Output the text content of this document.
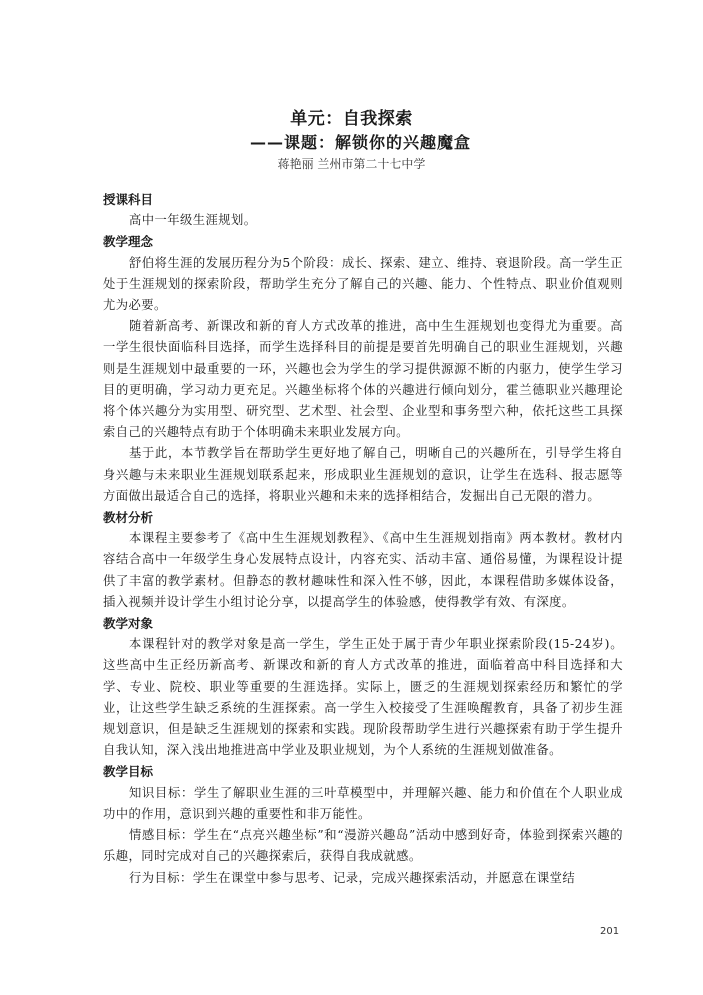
单元：自我探索
——课题：解锁你的兴趣魔盒
蒋艳丽 兰州市第二十七中学

授课科目

高中一年级生涯规划。

教学理念

舒伯将生涯的发展历程分为5个阶段：成长、探索、建立、维持、衰退阶段。高一学生正处于生涯规划的探索阶段，帮助学生充分了解自己的兴趣、能力、个性特点、职业价值观则尤为必要。

随着新高考、新课改和新的育人方式改革的推进，高中生生涯规划也变得尤为重要。高一学生很快面临科目选择，而学生选择科目的前提是要首先明确自己的职业生涯规划，兴趣则是生涯规划中最重要的一环，兴趣也会为学生的学习提供源源不断的内驱力，使学生学习目的更明确，学习动力更充足。兴趣坐标将个体的兴趣进行倾向划分，霍兰德职业兴趣理论将个体兴趣分为实用型、研究型、艺术型、社会型、企业型和事务型六种，依托这些工具探索自己的兴趣特点有助于个体明确未来职业发展方向。

基于此，本节教学旨在帮助学生更好地了解自己，明晰自己的兴趣所在，引导学生将自身兴趣与未来职业生涯规划联系起来，形成职业生涯规划的意识，让学生在选科、报志愿等方面做出最适合自己的选择，将职业兴趣和未来的选择相结合，发掘出自己无限的潜力。

教材分析

本课程主要参考了《高中生生涯规划教程》、《高中生生涯规划指南》两本教材。教材内容结合高中一年级学生身心发展特点设计，内容充实、活动丰富、通俗易懂，为课程设计提供了丰富的教学素材。但静态的教材趣味性和深入性不够，因此，本课程借助多媒体设备，插入视频并设计学生小组讨论分享，以提高学生的体验感，使得教学有效、有深度。

教学对象

本课程针对的教学对象是高一学生，学生正处于属于青少年职业探索阶段(15-24岁)。这些高中生正经历新高考、新课改和新的育人方式改革的推进，面临着高中科目选择和大学、专业、院校、职业等重要的生涯选择。实际上，匮乏的生涯规划探索经历和繁忙的学业，让这些学生缺乏系统的生涯探索。高一学生入校接受了生涯唤醒教育，具备了初步生涯规划意识，但是缺乏生涯规划的探索和实践。现阶段帮助学生进行兴趣探索有助于学生提升自我认知，深入浅出地推进高中学业及职业规划，为个人系统的生涯规划做准备。

教学目标

知识目标：学生了解职业生涯的三叶草模型中，并理解兴趣、能力和价值在个人职业成功中的作用，意识到兴趣的重要性和非万能性。

情感目标：学生在“点亮兴趣坐标”和“漫游兴趣岛”活动中感到好奇，体验到探索兴趣的乐趣，同时完成对自己的兴趣探索后，获得自我成就感。

行为目标：学生在课堂中参与思考、记录，完成兴趣探索活动，并愿意在课堂结

201
